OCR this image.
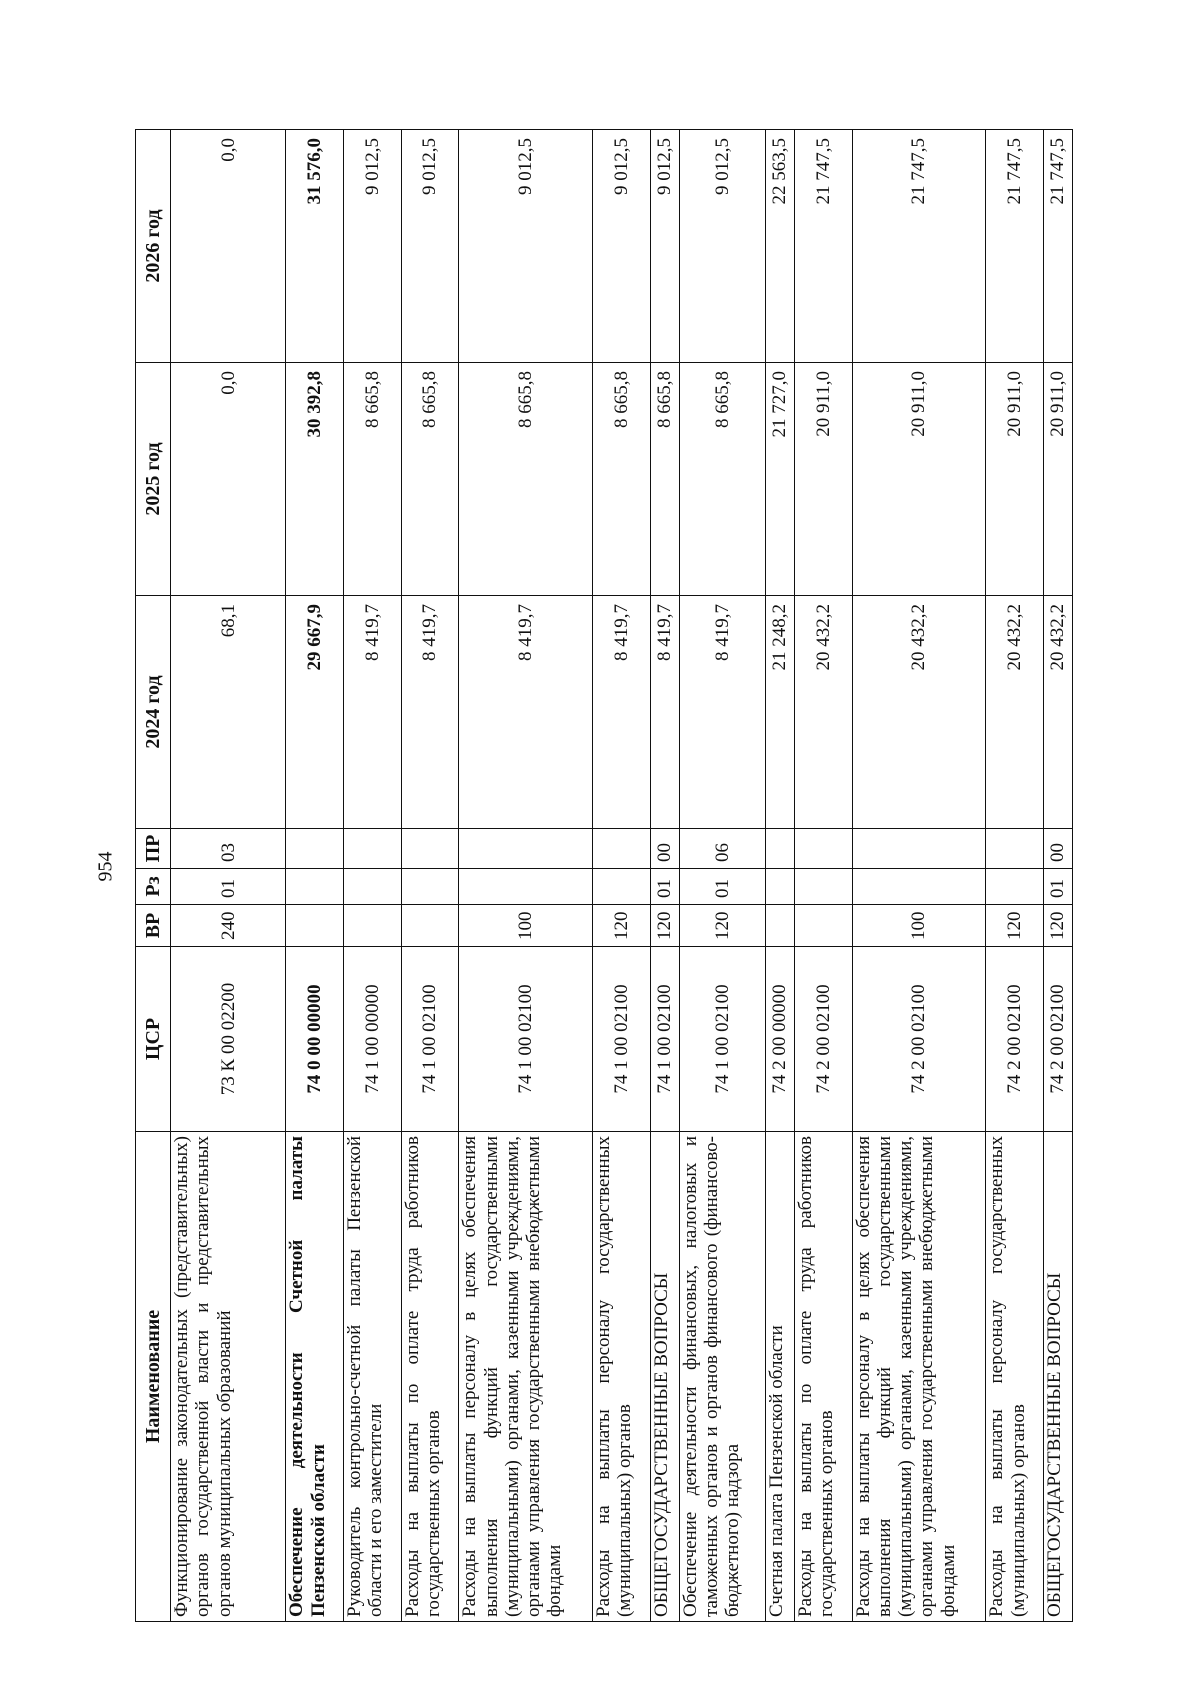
954
Наименование	ЦСР	ВР	Рз	ПР	2024 год	2025 год	2026 год
Функционирование законодательных (представительных) органов государственной власти и представительных органов муниципальных образований	73 К 00 02200	240	01	03	68,1	0,0	0,0
Обеспечение деятельности Счетной палаты Пензенской области	74 0 00 00000				29 667,9	30 392,8	31 576,0
Руководитель контрольно-счетной палаты Пензенской области и его заместители	74 1 00 00000				8 419,7	8 665,8	9 012,5
Расходы на выплаты по оплате труда работников государственных органов	74 1 00 02100				8 419,7	8 665,8	9 012,5
Расходы на выплаты персоналу в целях обеспечения выполнения функций государственными (муниципальными) органами, казенными учреждениями, органами управления государственными внебюджетными фондами	74 1 00 02100	100			8 419,7	8 665,8	9 012,5
Расходы на выплаты персоналу государственных (муниципальных) органов	74 1 00 02100	120			8 419,7	8 665,8	9 012,5
ОБЩЕГОСУДАРСТВЕННЫЕ ВОПРОСЫ	74 1 00 02100	120	01	00	8 419,7	8 665,8	9 012,5
Обеспечение деятельности финансовых, налоговых и таможенных органов и органов финансового (финансово-бюджетного) надзора	74 1 00 02100	120	01	06	8 419,7	8 665,8	9 012,5
Счетная палата Пензенской области	74 2 00 00000				21 248,2	21 727,0	22 563,5
Расходы на выплаты по оплате труда работников государственных органов	74 2 00 02100				20 432,2	20 911,0	21 747,5
Расходы на выплаты персоналу в целях обеспечения выполнения функций государственными (муниципальными) органами, казенными учреждениями, органами управления государственными внебюджетными фондами	74 2 00 02100	100			20 432,2	20 911,0	21 747,5
Расходы на выплаты персоналу государственных (муниципальных) органов	74 2 00 02100	120			20 432,2	20 911,0	21 747,5
ОБЩЕГОСУДАРСТВЕННЫЕ ВОПРОСЫ	74 2 00 02100	120	01	00	20 432,2	20 911,0	21 747,5
